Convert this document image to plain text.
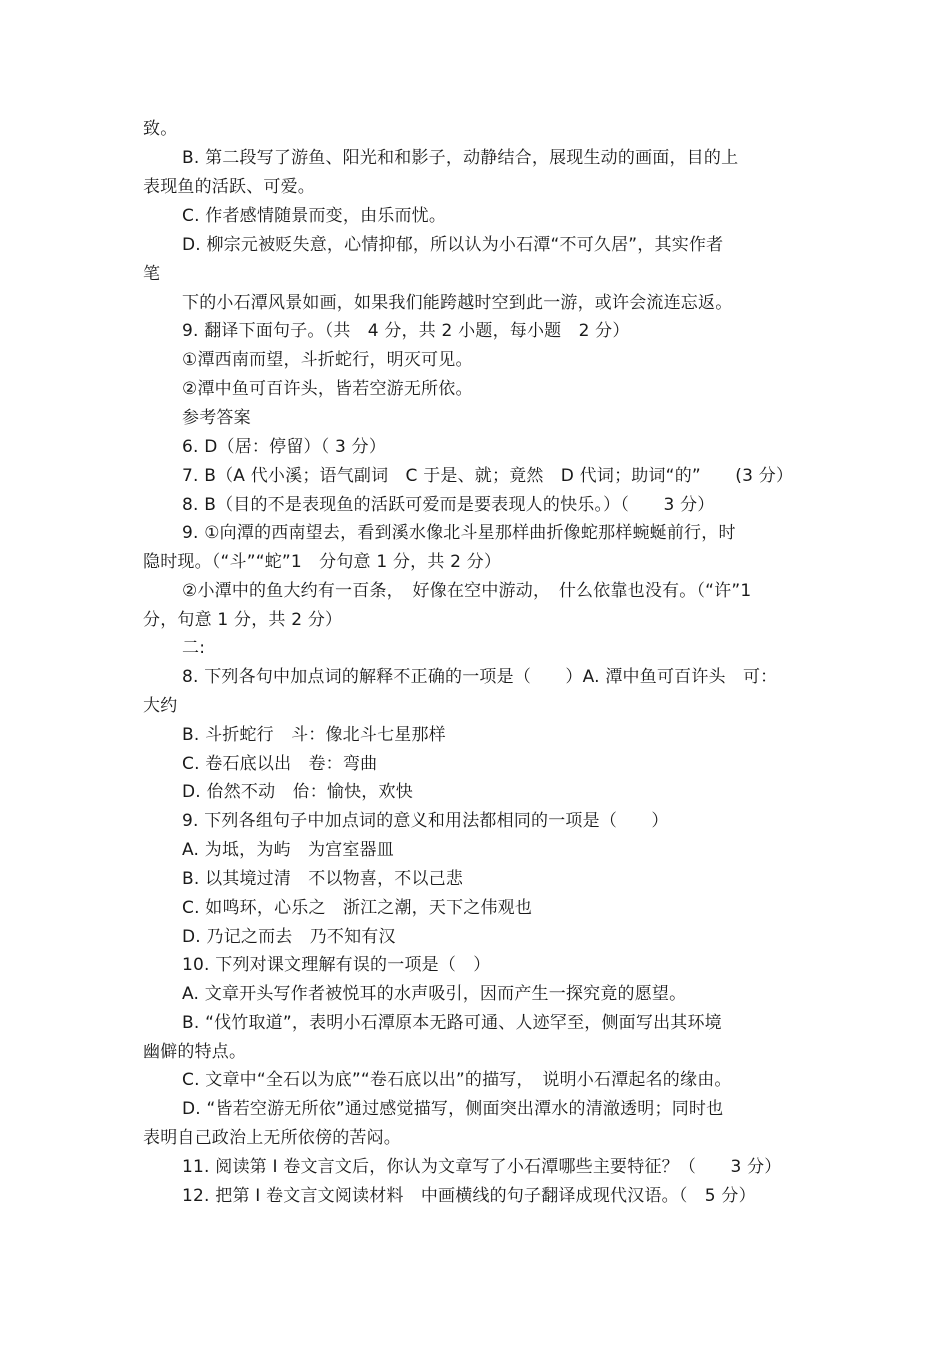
致。
B. 第二段写了游鱼、阳光和和影子，动静结合，展现生动的画面，目的上
表现鱼的活跃、可爱。
C. 作者感情随景而变，由乐而忧。
D. 柳宗元被贬失意，心情抑郁，所以认为小石潭“不可久居”，其实作者
笔
下的小石潭风景如画，如果我们能跨越时空到此一游，或许会流连忘返。
9. 翻译下面句子。（共　4 分，共 2 小题，每小题　2 分）
①潭西南而望，斗折蛇行，明灭可见。
②潭中鱼可百许头，皆若空游无所依。
参考答案
6. D（居：停留）（ 3 分）
7. B（A 代小溪；语气副词　C 于是、就；竟然　D 代词；助词“的”　　(3 分）
8. B（目的不是表现鱼的活跃可爱而是要表现人的快乐。）（　　3 分）
9. ①向潭的西南望去，看到溪水像北斗星那样曲折像蛇那样蜿蜒前行，时
隐时现。（“斗”“蛇”1　分句意 1 分，共 2 分）
②小潭中的鱼大约有一百条，　好像在空中游动，　什么依靠也没有。（“许”1
分，句意 1 分，共 2 分）
二:
8. 下列各句中加点词的解释不正确的一项是（　　）A. 潭中鱼可百许头　可：
大约
B. 斗折蛇行　斗：像北斗七星那样
C. 卷石底以出　卷：弯曲
D. 佁然不动　佁：愉快，欢快
9. 下列各组句子中加点词的意义和用法都相同的一项是（　　）
A. 为坻，为屿　为宫室器皿
B. 以其境过清　不以物喜，不以己悲
C. 如鸣环，心乐之　浙江之潮，天下之伟观也
D. 乃记之而去　乃不知有汉
10. 下列对课文理解有误的一项是（　）
A. 文章开头写作者被悦耳的水声吸引，因而产生一探究竟的愿望。
B. “伐竹取道”，表明小石潭原本无路可通、人迹罕至，侧面写出其环境
幽僻的特点。
C. 文章中“全石以为底”“卷石底以出”的描写，　说明小石潭起名的缘由。
D. “皆若空游无所依”通过感觉描写，侧面突出潭水的清澈透明；同时也
表明自己政治上无所依傍的苦闷。
11. 阅读第 Ⅰ 卷文言文后，你认为文章写了小石潭哪些主要特征？（　　3 分）
12. 把第 Ⅰ 卷文言文阅读材料　中画横线的句子翻译成现代汉语。（　5 分）
